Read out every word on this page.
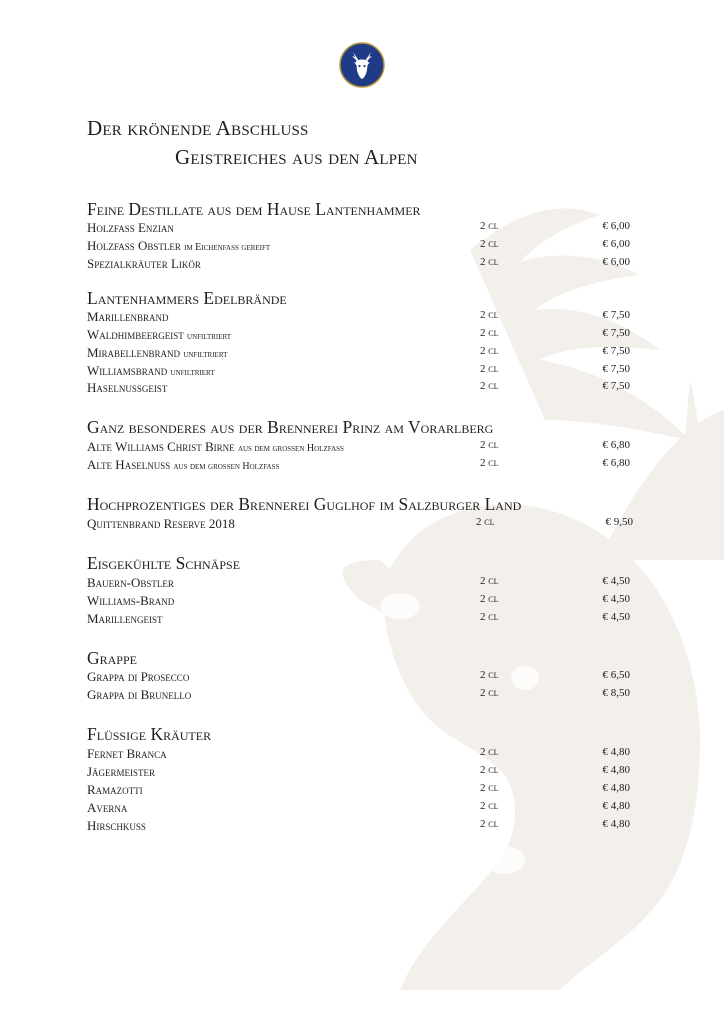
Der krönende Abschluss
Geistreiches aus den Alpen
Feine Destillate aus dem Hause Lantenhammer
Holzfass Enzian	2 cl	€ 6,00
Holzfass Obstler im Eichenfass gereift	2 cl	€ 6,00
Spezialkräuter Likör	2 cl	€ 6,00
Lantenhammers Edelbrände
Marillenbrand	2 cl	€ 7,50
Waldhimbeergeist unfiltriert	2 cl	€ 7,50
Mirabellenbrand unfiltriert	2 cl	€ 7,50
Williamsbrand unfiltriert	2 cl	€ 7,50
Haselnussgeist	2 cl	€ 7,50
Ganz besonderes aus der Brennerei Prinz am Vorarlberg
Alte Williams Christ Birne aus dem grossen Holzfass	2 cl	€ 6,80
Alte Haselnuss aus dem grossen Holzfass	2 cl	€ 6,80
Hochprozentiges der Brennerei Guglhof im Salzburger Land
Quittenbrand Reserve 2018	2 cl	€ 9,50
Eisgekühlte Schnäpse
Bauern-Obstler	2 cl	€ 4,50
Williams-Brand	2 cl	€ 4,50
Marillengeist	2 cl	€ 4,50
Grappe
Grappa di Prosecco	2 cl	€ 6,50
Grappa di Brunello	2 cl	€ 8,50
Flüssige Kräuter
Fernet Branca	2 cl	€ 4,80
Jägermeister	2 cl	€ 4,80
Ramazotti	2 cl	€ 4,80
Averna	2 cl	€ 4,80
Hirschkuss	2 cl	€ 4,80
